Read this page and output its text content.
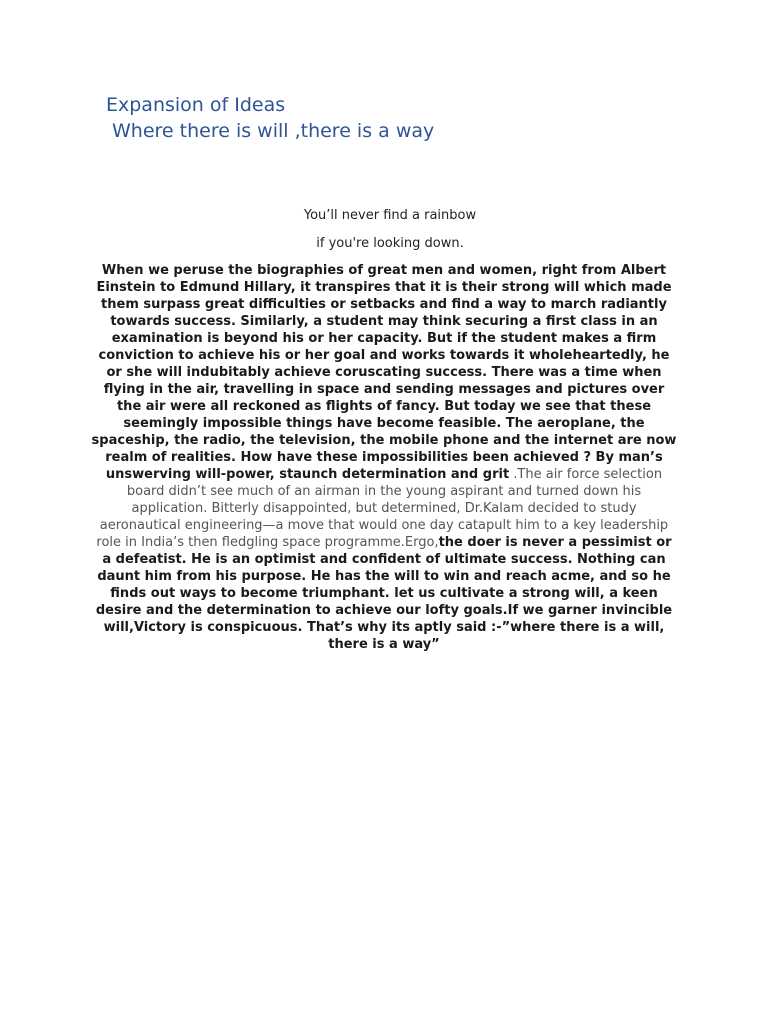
Expansion of Ideas
Where there is will ,there is a way

You’ll never find a rainbow

if you're looking down.

When we peruse the biographies of great men and women, right from Albert Einstein to Edmund Hillary, it transpires that it is their strong will which made them surpass great difficulties or setbacks and find a way to march radiantly towards success. Similarly, a student may think securing a first class in an examination is beyond his or her capacity. But if the student makes a firm conviction to achieve his or her goal and works towards it wholeheartedly, he or she will indubitably achieve coruscating success. There was a time when flying in the air, travelling in space and sending messages and pictures over the air were all reckoned as flights of fancy. But today we see that these seemingly impossible things have become feasible. The aeroplane, the spaceship, the radio, the television, the mobile phone and the internet are now realm of realities. How have these impossibilities been achieved ? By man’s unswerving will-power, staunch determination and grit .The air force selection board didn’t see much of an airman in the young aspirant and turned down his application. Bitterly disappointed, but determined, Dr.Kalam decided to study aeronautical engineering—a move that would one day catapult him to a key leadership role in India’s then fledgling space programme.Ergo,the doer is never a pessimist or a defeatist. He is an optimist and confident of ultimate success. Nothing can daunt him from his purpose. He has the will to win and reach acme, and so he finds out ways to become triumphant. let us cultivate a strong will, a keen desire and the determination to achieve our lofty goals.If we garner invincible will,Victory is conspicuous. That’s why its aptly said :-”where there is a will, there is a way”
